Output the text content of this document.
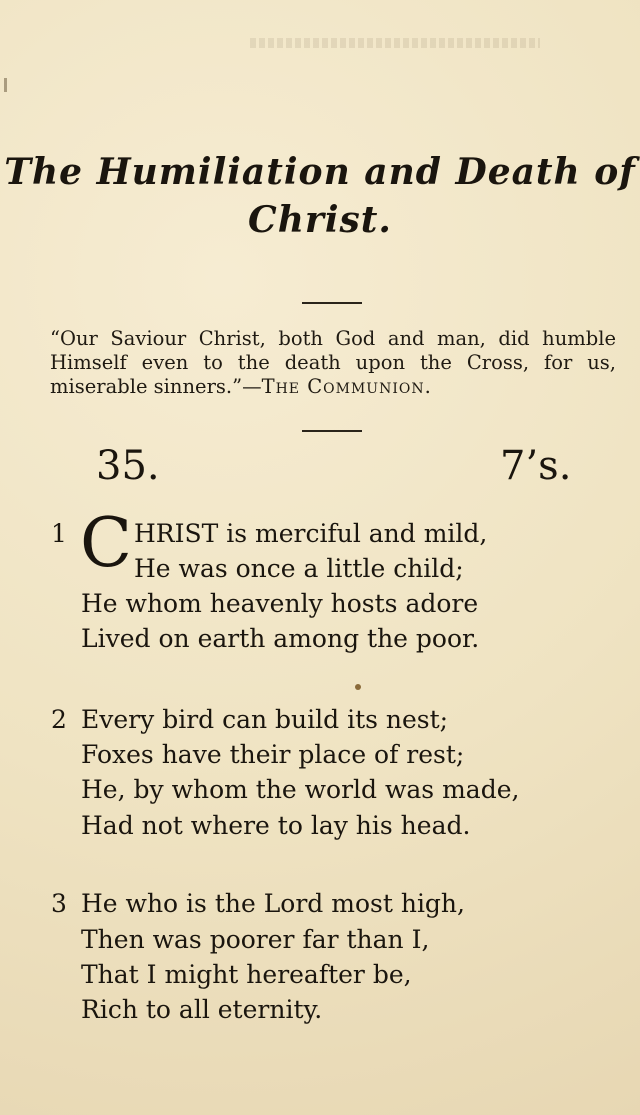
The Humiliation and Death of
Christ.
“Our Saviour Christ, both God and man, did humble Himself even to the death upon the Cross, for us, miserable sinners.”—The Communion.
35.	7’s.
1 C HRIST is merciful and mild,
He was once a little child;
He whom heavenly hosts adore
Lived on earth among the poor.
2 Every bird can build its nest;
Foxes have their place of rest;
He, by whom the world was made,
Had not where to lay his head.
3 He who is the Lord most high,
Then was poorer far than I,
That I might hereafter be,
Rich to all eternity.
